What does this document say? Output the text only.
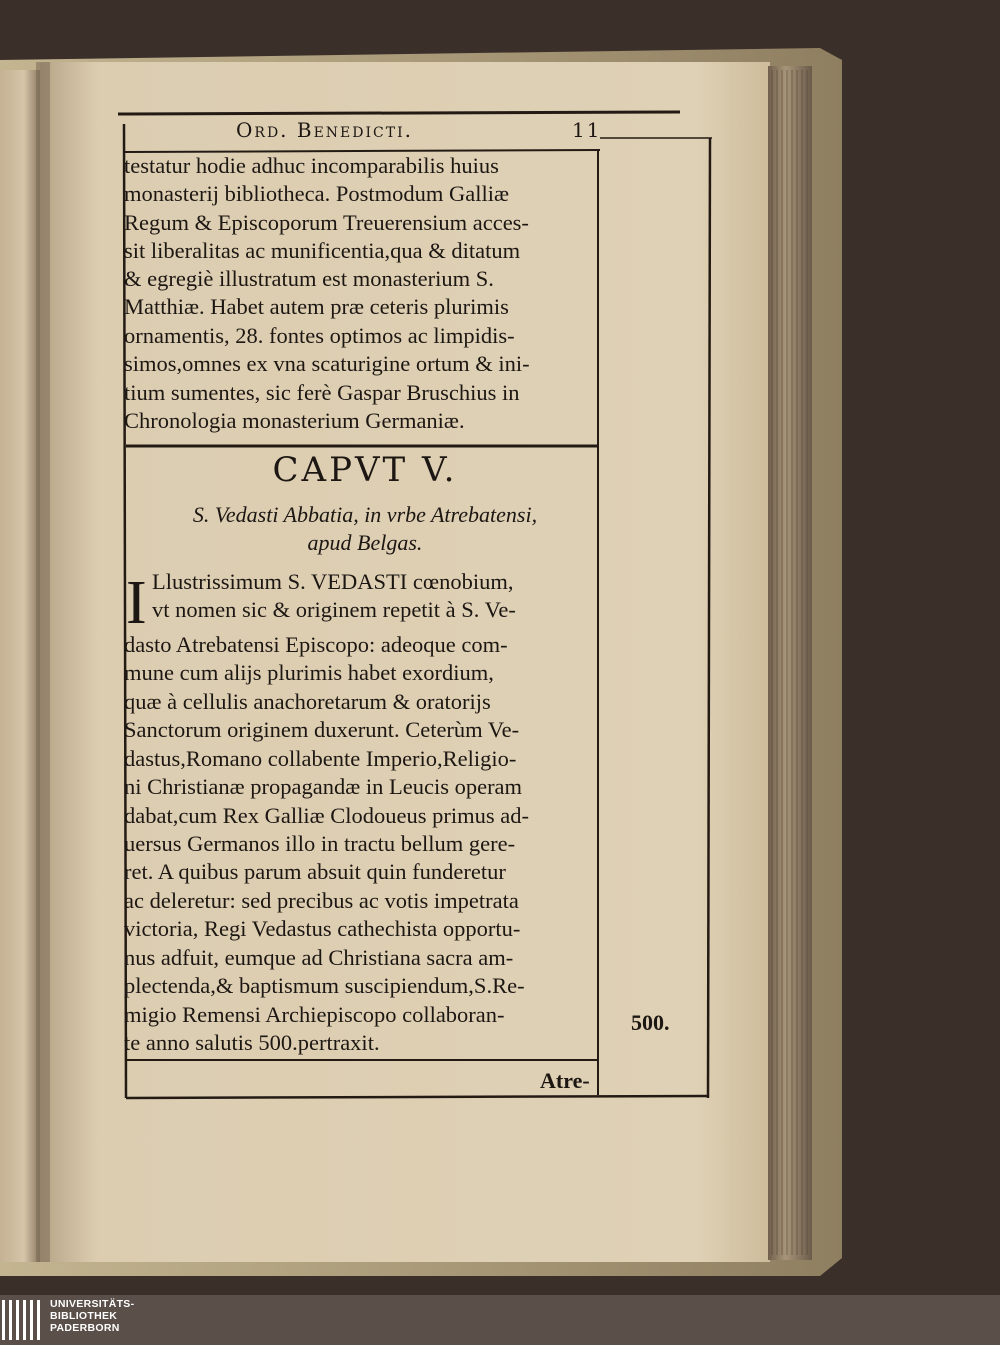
Ord. Benedicti.	11
testatur hodie adhuc incomparabilis huius
monasterij bibliotheca. Postmodum Galliæ
Regum & Episcoporum Treuerensium acces-
sit liberalitas ac munificentia,qua & ditatum
& egregiè illustratum est monasterium S.
Matthiæ. Habet autem præ ceteris plurimis
ornamentis, 28. fontes optimos ac limpidis-
simos,omnes ex vna scaturigine ortum & ini-
tium sumentes, sic ferè Gaspar Bruschius in
Chronologia monasterium Germaniæ.
CAPVT V.
S. Vedasti Abbatia, in vrbe Atrebatensi,
apud Belgas.
I Llustrissimum S. VEDASTI cœnobium,
vt nomen sic & originem repetit à S. Ve-
dasto Atrebatensi Episcopo: adeoque com-
mune cum alijs plurimis habet exordium,
quæ à cellulis anachoretarum & oratorijs
Sanctorum originem duxerunt. Ceterùm Ve-
dastus,Romano collabente Imperio,Religio-
ni Christianæ propagandæ in Leucis operam
dabat,cum Rex Galliæ Clodoueus primus ad-
uersus Germanos illo in tractu bellum gere-
ret. A quibus parum absuit quin funderetur
ac deleretur: sed precibus ac votis impetrata
victoria, Regi Vedastus cathechista opportu-
nus adfuit, eumque ad Christiana sacra am-
plectenda,& baptismum suscipiendum,S.Re-
migio Remensi Archiepiscopo collaboran-
te anno salutis 500.pertraxit.
500.
Atre-
UNIVERSITÄTS-
BIBLIOTHEK
PADERBORN
